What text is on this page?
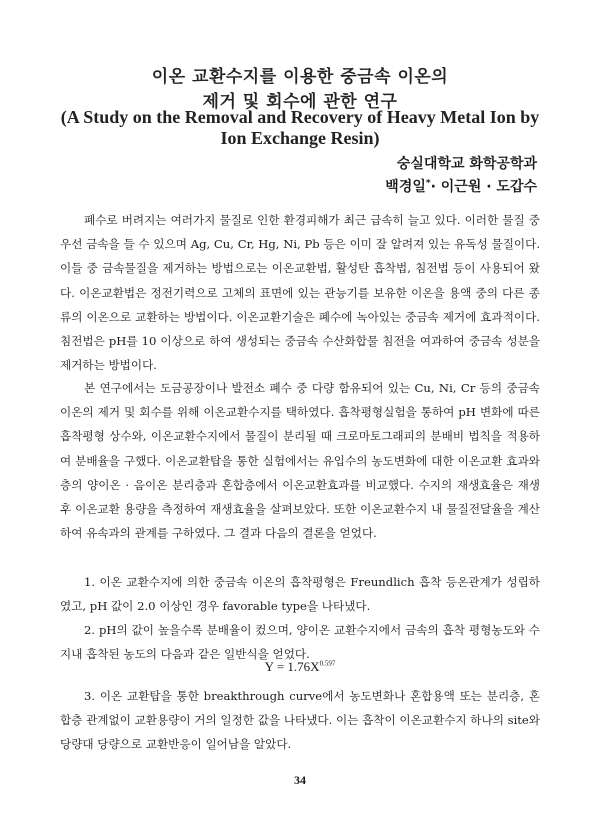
이온 교환수지를 이용한 중금속 이온의
제거 및 회수에 관한 연구
(A Study on the Removal and Recovery of Heavy Metal Ion by
Ion Exchange Resin)
숭실대학교 화학공학과
백경일*· 이근원 · 도갑수
폐수로 버려지는 여러가지 물질로 인한 환경피해가 최근 급속히 늘고 있다. 이러한 물질 중 우선 금속을 들 수 있으며 Ag, Cu, Cr, Hg, Ni, Pb 등은 이미 잘 알려져 있는 유독성 물질이다. 이들 중 금속물질을 제거하는 방법으로는 이온교환법, 활성탄 흡착법, 침전법 등이 사용되어 왔다. 이온교환법은 정전기력으로 고체의 표면에 있는 관능기를 보유한 이온을 용액 중의 다른 종류의 이온으로 교환하는 방법이다. 이온교환기술은 폐수에 녹아있는 중금속 제거에 효과적이다. 침전법은 pH를 10 이상으로 하여 생성되는 중금속 수산화합물 침전을 여과하여 중금속 성분을 제거하는 방법이다.
본 연구에서는 도금공장이나 발전소 폐수 중 다량 함유되어 있는 Cu, Ni, Cr 등의 중금속 이온의 제거 및 회수를 위해 이온교환수지를 택하였다. 흡착평형실험을 통하여 pH 변화에 따른 흡착평형 상수와, 이온교환수지에서 물질이 분리될 때 크로마토그래피의 분배비 법칙을 적용하여 분배율을 구했다. 이온교환탑을 통한 실험에서는 유입수의 농도변화에 대한 이온교환 효과와 층의 양이온 · 음이온 분리층과 혼합층에서 이온교환효과를 비교했다. 수지의 재생효율은 재생 후 이온교환 용량을 측정하여 재생효율을 살펴보았다. 또한 이온교환수지 내 물질전달율을 계산하여 유속과의 관계를 구하였다. 그 결과 다음의 결론을 얻었다.
1. 이온 교환수지에 의한 중금속 이온의 흡착평형은 Freundlich 흡착 등온관계가 성립하였고, pH 값이 2.0 이상인 경우 favorable type을 나타냈다.
2. pH의 값이 높을수록 분배율이 컸으며, 양이온 교환수지에서 금속의 흡착 평형농도와 수지내 흡착된 농도의 다음과 같은 일반식을 얻었다.
$Y = 1.76X^{0.597}$
3. 이온 교환탑을 통한 breakthrough curve에서 농도변화나 혼합용액 또는 분리층, 혼합층 관계없이 교환용량이 거의 일정한 값을 나타냈다. 이는 흡착이 이온교환수지 하나의 site와 당량대 당량으로 교환반응이 일어남을 알았다.
34
